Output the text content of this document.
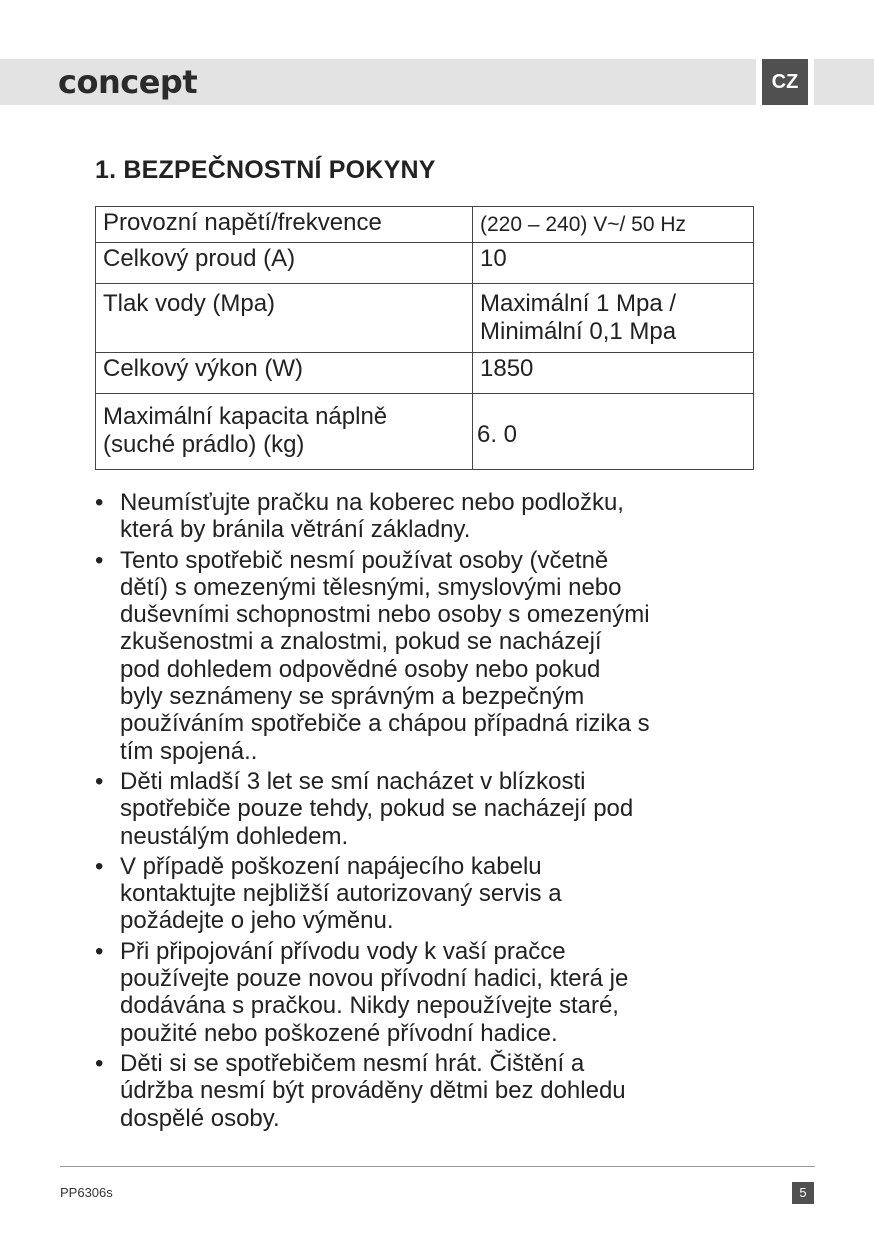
concept	CZ
1. BEZPEČNOSTNÍ POKYNY
Provozní napětí/frekvence	(220 – 240) V~/ 50 Hz
Celkový proud (A)	10
Tlak vody (Mpa)	Maximální 1 Mpa /
Minimální 0,1 Mpa

Celkový výkon (W)	1850

Maximální kapacita náplně
(suché prádlo) (kg)	6. 0
• Neumísťujte pračku na koberec nebo podložku,
která by bránila větrání základny.
• Tento spotřebič nesmí používat osoby (včetně
dětí) s omezenými tělesnými, smyslovými nebo
duševními schopnostmi nebo osoby s omezenými
zkušenostmi a znalostmi, pokud se nacházejí
pod dohledem odpovědné osoby nebo pokud
byly seznámeny se správným a bezpečným
používáním spotřebiče a chápou případná rizika s
tím spojená..
• Děti mladší 3 let se smí nacházet v blízkosti
spotřebiče pouze tehdy, pokud se nacházejí pod
neustálým dohledem.
• V případě poškození napájecího kabelu
kontaktujte nejbližší autorizovaný servis a
požádejte o jeho výměnu.
• Při připojování přívodu vody k vaší pračce
používejte pouze novou přívodní hadici, která je
dodávána s pračkou. Nikdy nepoužívejte staré,
použité nebo poškozené přívodní hadice.
• Děti si se spotřebičem nesmí hrát. Čištění a
údržba nesmí být prováděny dětmi bez dohledu
dospělé osoby.
PP6306s	5
